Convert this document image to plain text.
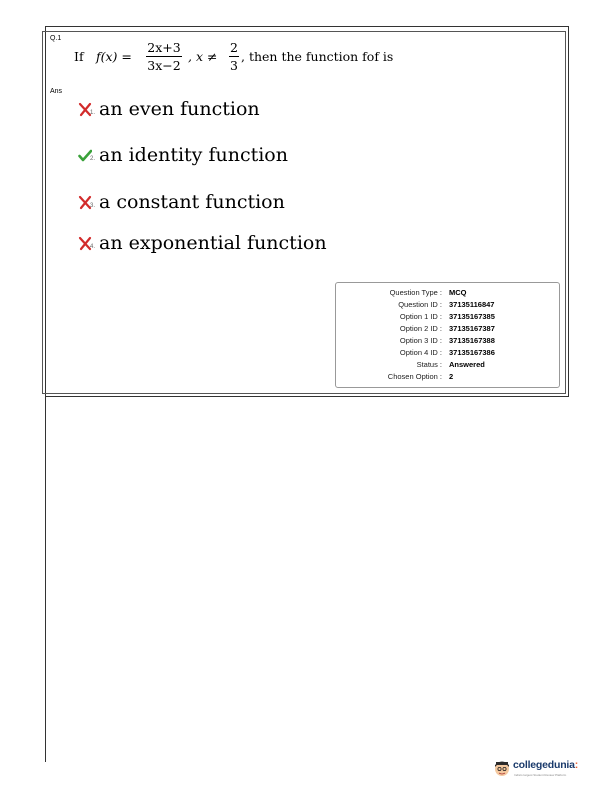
Q.1
If f(x) =
2x+3
3x−2
, x ≠
2
3
, then the function fof is
Ans
1. an even function
2. an identity function
3. a constant function
4. an exponential function
Question Type : MCQ
Question ID : 37135116847
Option 1 ID : 37135167385
Option 2 ID : 37135167387
Option 3 ID : 37135167388
Option 4 ID : 37135167386
Status : Answered
Chosen Option : 2
collegedunia:
India's largest Student Review Platform
